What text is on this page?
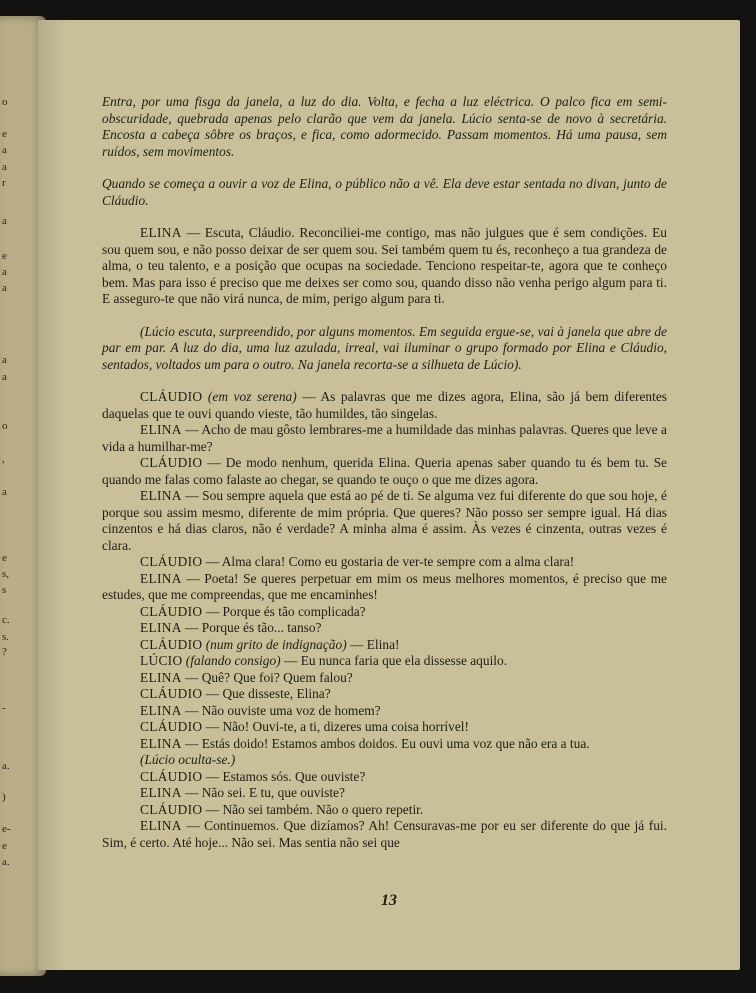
o
e
a
a
r
a
e
a
a
a
a
o
,
a
e
s,
s
c.
s.
?
-
a.
)
e-
e
a.

Entra, por uma fisga da janela, a luz do dia. Volta, e fecha a luz eléctrica. O palco fica em semi-obscuridade, quebrada apenas pelo clarão que vem da janela. Lúcio senta-se de novo à secretária. Encosta a cabeça sôbre os braços, e fica, como adormecido. Passam momentos. Há uma pausa, sem ruídos, sem movimentos.

Quando se começa a ouvir a voz de Elina, o público não a vê. Ela deve estar sentada no divan, junto de Cláudio.

ELINA — Escuta, Cláudio. Reconciliei-me contigo, mas não julgues que é sem condições. Eu sou quem sou, e não posso deixar de ser quem sou. Sei também quem tu és, reconheço a tua grandeza de alma, o teu talento, e a posição que ocupas na sociedade. Tenciono respeitar-te, agora que te conheço bem. Mas para isso é preciso que me deixes ser como sou, quando disso não venha perigo algum para ti. E asseguro-te que não virá nunca, de mim, perigo algum para ti.

(Lúcio escuta, surpreendido, por alguns momentos. Em seguida ergue-se, vai à janela que abre de par em par. A luz do dia, uma luz azulada, irreal, vai iluminar o grupo formado por Elina e Cláudio, sentados, voltados um para o outro. Na janela recorta-se a silhueta de Lúcio).

CLÁUDIO (em voz serena) — As palavras que me dizes agora, Elina, são já bem diferentes daquelas que te ouvi quando vieste, tão humildes, tão singelas.

ELINA — Acho de mau gôsto lembrares-me a humildade das minhas palavras. Queres que leve a vida a humilhar-me?

CLÁUDIO — De modo nenhum, querida Elina. Queria apenas saber quando tu és bem tu. Se quando me falas como falaste ao chegar, se quando te ouço o que me dizes agora.

ELINA — Sou sempre aquela que está ao pé de ti. Se alguma vez fui diferente do que sou hoje, é porque sou assim mesmo, diferente de mim própria. Que queres? Não posso ser sempre igual. Há dias cinzentos e há dias claros, não é verdade? A minha alma é assim. Às vezes é cinzenta, outras vezes é clara.

CLÁUDIO — Alma clara! Como eu gostaria de ver-te sempre com a alma clara!

ELINA — Poeta! Se queres perpetuar em mim os meus melhores momentos, é preciso que me estudes, que me compreendas, que me encaminhes!

CLÁUDIO — Porque és tão complicada?

ELINA — Porque és tão... tanso?

CLÁUDIO (num grito de indignação) — Elina!

LÚCIO (falando consigo) — Eu nunca faria que ela dissesse aquilo.

ELINA — Quê? Que foi? Quem falou?

CLÁUDIO — Que disseste, Elina?

ELINA — Não ouviste uma voz de homem?

CLÁUDIO — Não! Ouvi-te, a ti, dizeres uma coisa horrível!

ELINA — Estás doido! Estamos ambos doidos. Eu ouvi uma voz que não era a tua.

(Lúcio oculta-se.)

CLÁUDIO — Estamos sós. Que ouviste?

ELINA — Não sei. E tu, que ouviste?

CLÁUDIO — Não sei também. Não o quero repetir.

ELINA — Continuemos. Que dizíamos? Ah! Censuravas-me por eu ser diferente do que já fui. Sim, é certo. Até hoje... Não sei. Mas sentia não sei que

13
